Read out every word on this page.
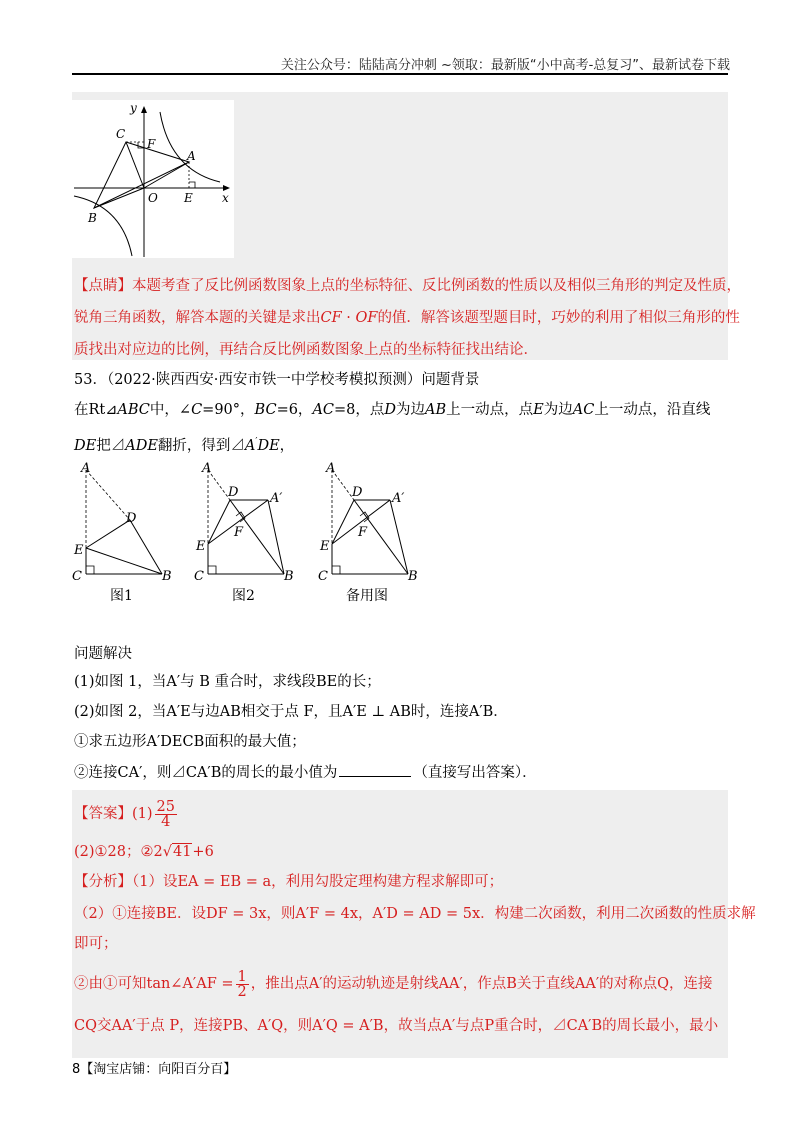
关注公众号：陆陆高分冲刺 ~领取：最新版“小中高考-总复习”、最新试卷下载
y
x
C
F
A
B
O E
【点睛】本题考查了反比例函数图象上点的坐标特征、反比例函数的性质以及相似三角形的判定及性质，
锐角三角函数，解答本题的关键是求出CF · OF的值．解答该题型题目时，巧妙的利用了相似三角形的性
质找出对应边的比例，再结合反比例函数图象上点的坐标特征找出结论．
53．（2022·陕西西安·西安市铁一中学校考模拟预测）问题背景
在Rt⊿ABC中，∠C=90°，BC=6，AC=8，点D为边AB上一动点，点E为边AC上一动点，沿直线
DE把⊿ADE翻折，得到⊿A′DE，
A
D
E
C	B
A
D A′
F
E
C	B
A
D A′
F
E
C	B
图1	图2	备用图
问题解决
(1)如图 1，当A′与 B 重合时，求线段BE的长；
(2)如图 2，当A′E与边AB相交于点 F，且A′E ⊥ AB时，连接A′B．
①求五边形A′DECB面积的最大值；
②连接CA′，则⊿CA′B的周长的最小值为	（直接写出答案）．
【答案】$(1) \frac{25}{4}$
(2)①28；②2√41+6
【分析】（1）设EA = EB = a，利用勾股定理构建方程求解即可；
（2）①连接BE．设DF = 3x，则A′F = 4x，A′D = AD = 5x．构建二次函数，利用二次函数的性质求解
即可；
②由①可知tan∠A′AF = $\frac{1}{2}$ ，推出点A′的运动轨迹是射线AA′，作点B关于直线AA′的对称点Q，连接
CQ交AA′于点 P，连接PB、A′Q，则A′Q = A′B，故当点A′与点P重合时，⊿CA′B的周长最小，最小
8【淘宝店铺：向阳百分百】
